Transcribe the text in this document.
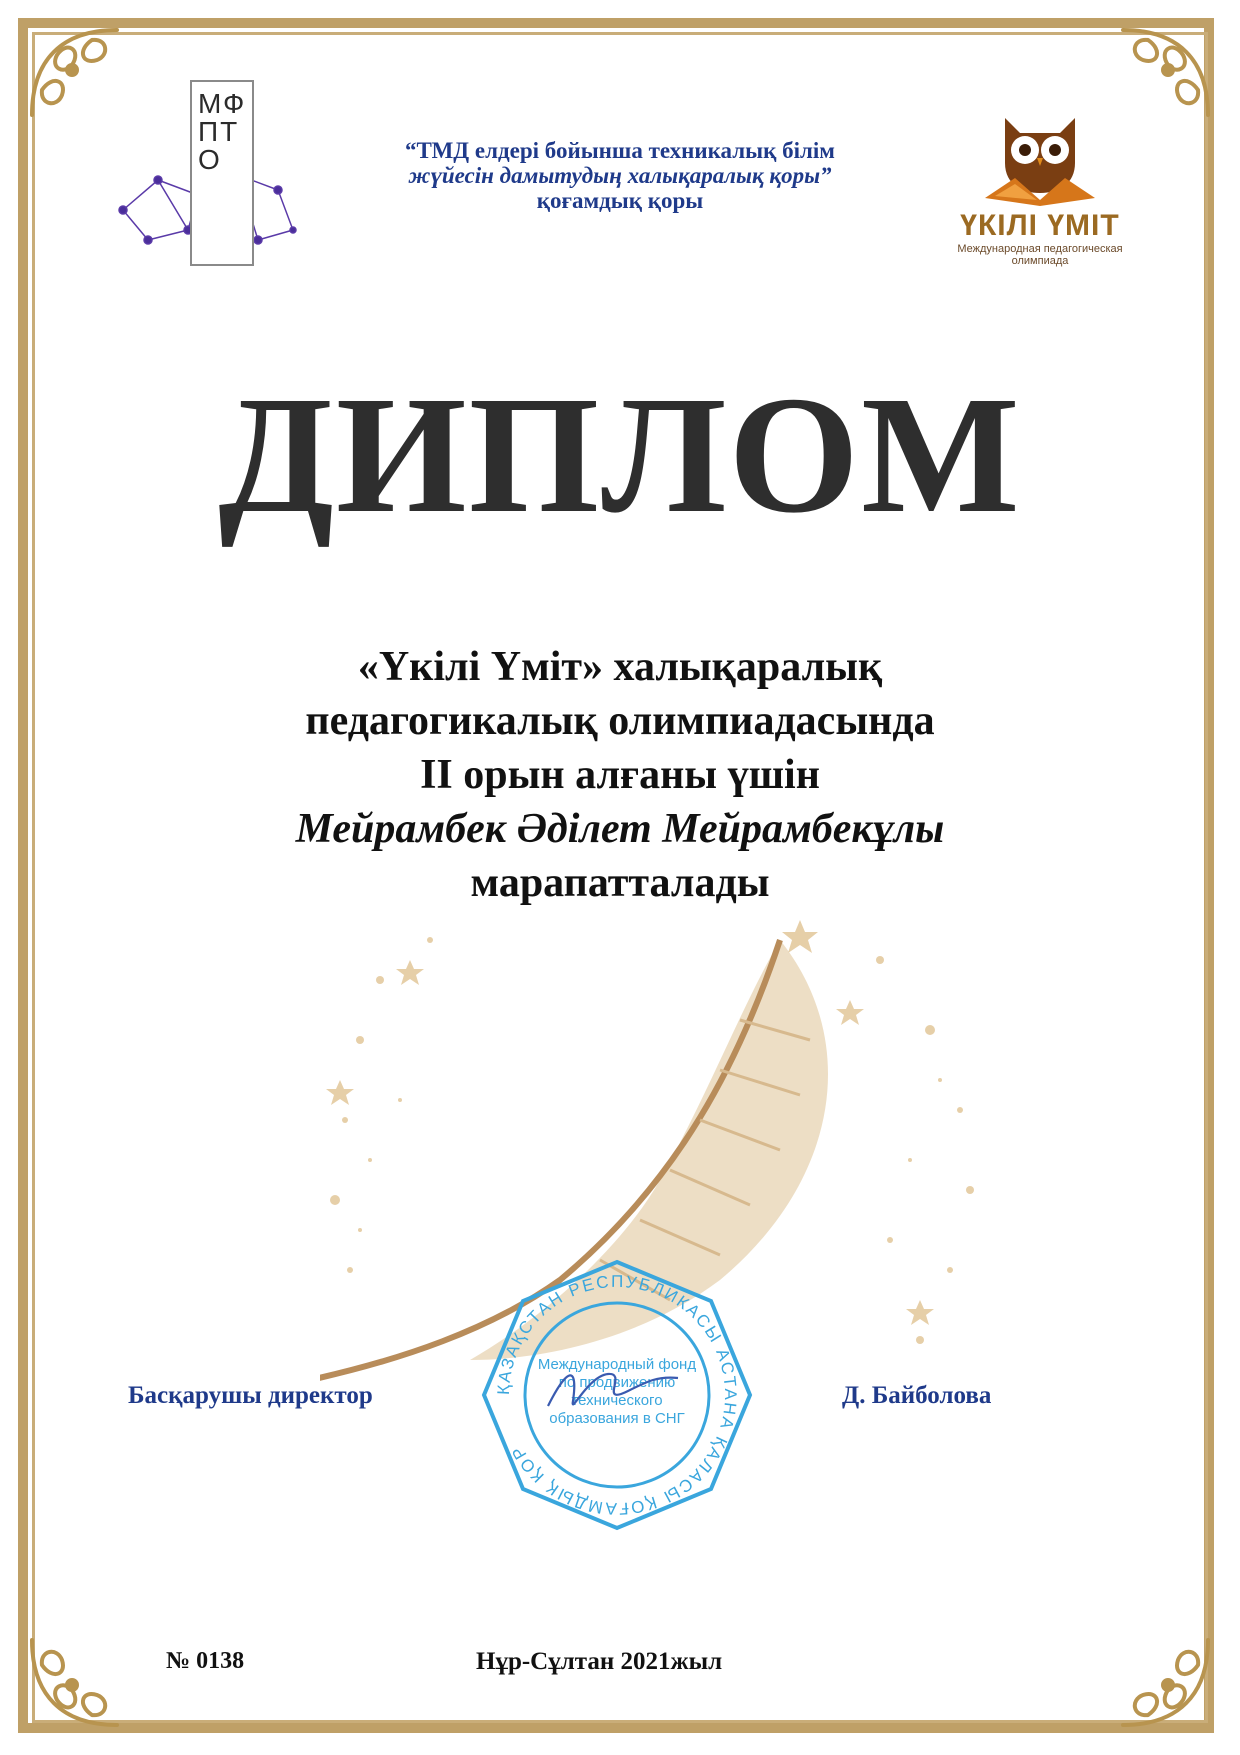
МФ
ПТ
О	“ТМД елдері бойынша техникалық білім
жүйесін дамытудың халықаралық қоры”
қоғамдық қоры
ҮКІЛІ ҮМІТ
Международная педагогическая
олимпиада
ДИПЛОМ
«Үкілі Үміт» халықаралық
педагогикалық олимпиадасында
II орын алғаны үшін
Мейрамбек Әділет Мейрамбекұлы
марапатталады
ҚАЗАҚСТАН РЕСПУБЛИКАСЫ АСТАНА ҚАЛАСЫ ҚОҒАМДЫҚ ҚОР
Международный фонд
по продвижению
технического
образования в СНГ
Басқарушы директор	Д. Байболова
№ 0138	Нұр-Сұлтан 2021жыл
